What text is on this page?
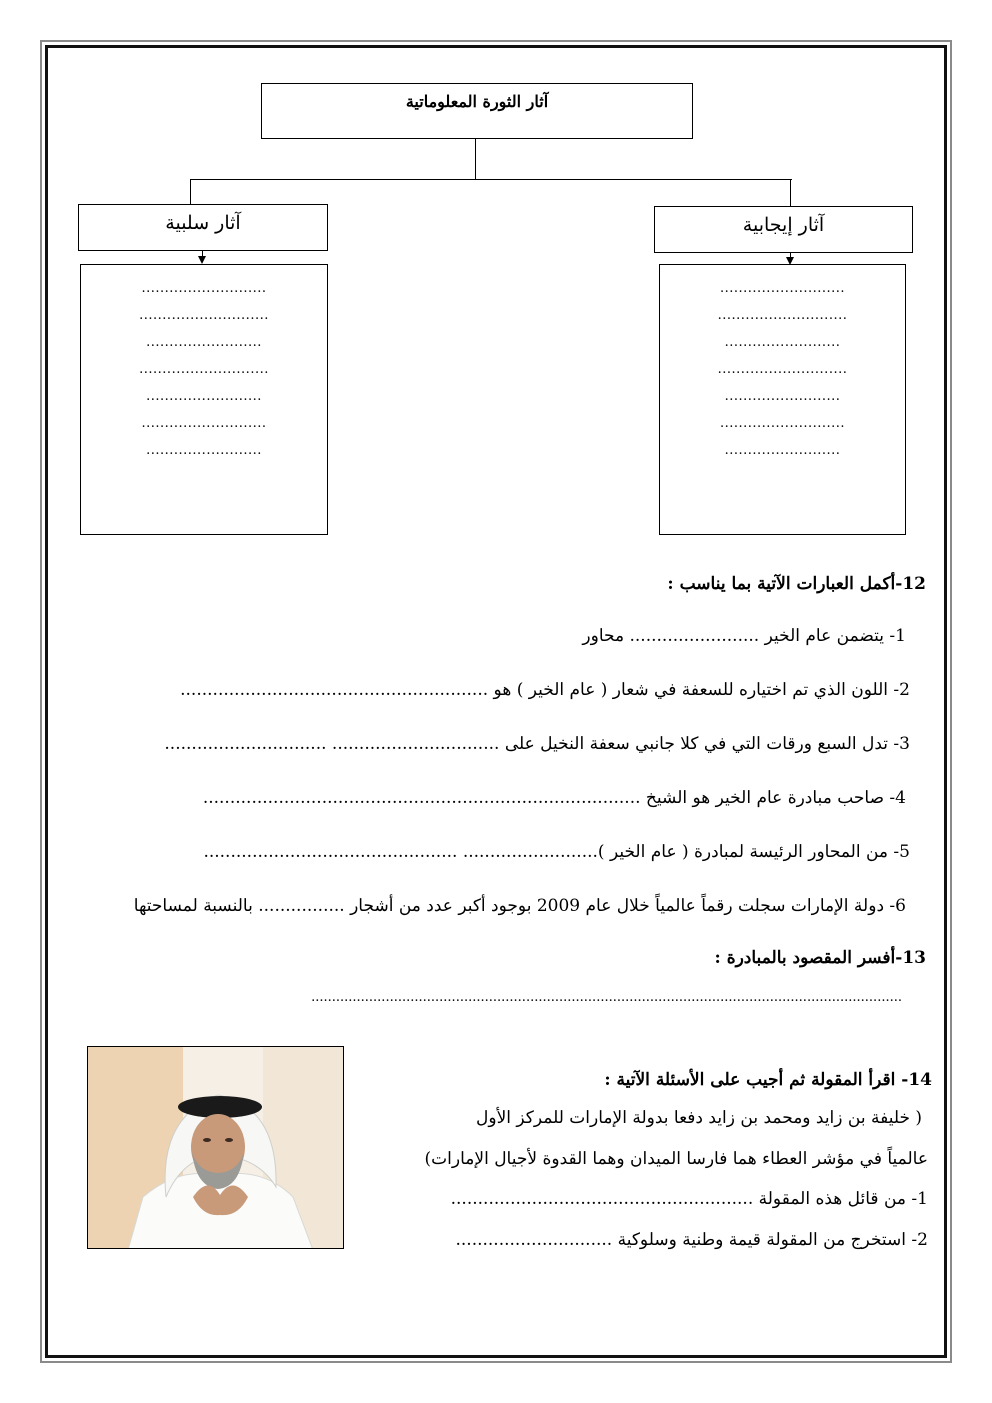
آثار الثورة المعلوماتية
آثار سلبية	آثار إيجابية
...........................
............................
.........................
............................
.........................
...........................
.........................
...........................
............................
.........................
............................
.........................
...........................
.........................
12-أكمل العبارات الآتية بما يناسب :
1- يتضمن عام الخير ........................ محاور
2- اللون الذي تم اختياره للسعفة في شعار ( عام الخير ) هو .........................................................
3- تدل السبع ورقات التي في كلا جانبي سعفة النخيل على ............................... ..............................
4- صاحب مبادرة عام الخير هو الشيخ .................................................................................
5- من المحاور الرئيسة لمبادرة ( عام الخير )......................... ...............................................
6- دولة الإمارات سجلت رقماً عالمياً خلال عام 2009 بوجود أكبر عدد من أشجار ................ بالنسبة لمساحتها
13-أفسر المقصود بالمبادرة :
...............................................................................................................................................
14- اقرأ المقولة ثم أجيب على الأسئلة الآتية :
( خليفة بن زايد ومحمد بن زايد دفعا بدولة الإمارات للمركز الأول
عالمياً في مؤشر العطاء هما فارسا الميدان وهما القدوة لأجيال الإمارات)
1- من قائل هذه المقولة ........................................................
2- استخرج من المقولة قيمة وطنية وسلوكية .............................
